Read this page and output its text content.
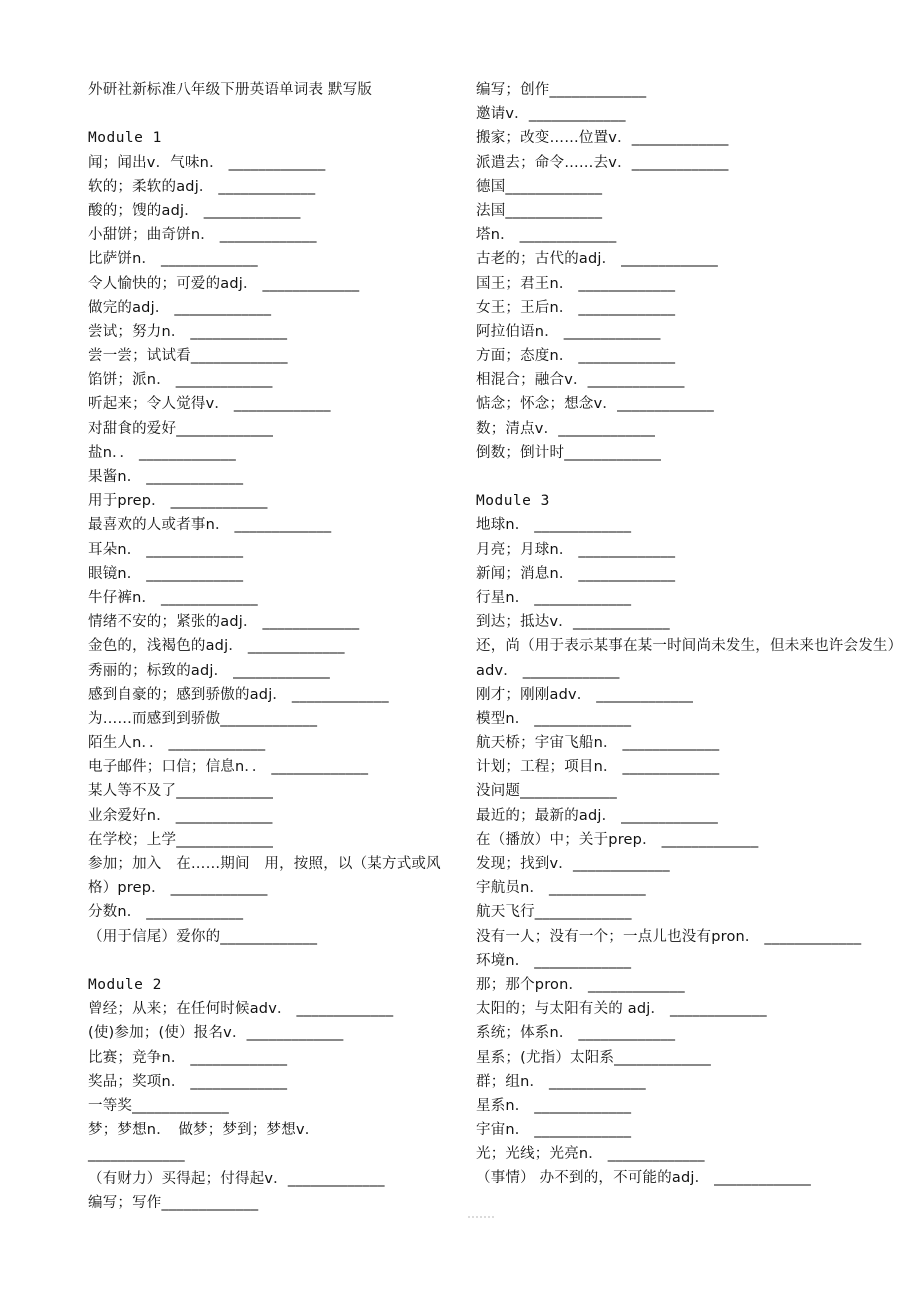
外研社新标准八年级下册英语单词表 默写版
Module 1
闻；闻出v．气味n． _____________
软的；柔软的adj． _____________
酸的；馊的adj． _____________
小甜饼；曲奇饼n． _____________
比萨饼n． _____________
令人愉快的；可爱的adj． _____________
做完的adj． _____________
尝试；努力n． _____________
尝一尝；试试看_____________
馅饼；派n． _____________
听起来；令人觉得v． _____________
对甜食的爱好_____________
盐n．． _____________
果酱n． _____________
用于prep． _____________
最喜欢的人或者事n． _____________
耳朵n． _____________
眼镜n． _____________
牛仔裤n． _____________
情绪不安的；紧张的adj． _____________
金色的，浅褐色的adj． _____________
秀丽的；标致的adj． _____________
感到自豪的；感到骄傲的adj． _____________
为……而感到到骄傲_____________
陌生人n．． _____________
电子邮件；口信；信息n．． _____________
某人等不及了_____________
业余爱好n． _____________
在学校；上学_____________
参加；加入　在……期间　用，按照，以（某方式或风格）prep． _____________
分数n． _____________
（用于信尾）爱你的_____________
Module 2
曾经；从来；在任何时候adv． _____________
(使)参加；(使）报名v．_____________
比赛；竞争n． _____________
奖品；奖项n． _____________
一等奖_____________
梦；梦想n．　做梦；梦到；梦想v．_____________
（有财力）买得起；付得起v．_____________
编写；写作_____________
编写；创作_____________
邀请v．_____________
搬家；改变……位置v．_____________
派遣去；命令……去v．_____________
德国_____________
法国_____________
塔n． _____________
古老的；古代的adj． _____________
国王；君王n． _____________
女王；王后n． _____________
阿拉伯语n． _____________
方面；态度n． _____________
相混合；融合v．_____________
惦念；怀念；想念v．_____________
数；清点v．_____________
倒数；倒计时_____________
Module 3
地球n． _____________
月亮；月球n． _____________
新闻；消息n． _____________
行星n． _____________
到达；抵达v．_____________
还，尚（用于表示某事在某一时间尚未发生，但未来也许会发生）adv． _____________
刚才；刚刚adv． _____________
模型n． _____________
航天桥；宇宙飞船n． _____________
计划；工程；项目n． _____________
没问题_____________
最近的；最新的adj． _____________
在（播放）中；关于prep． _____________
发现；找到v．_____________
宇航员n． _____________
航天飞行_____________
没有一人；没有一个；一点儿也没有pron． _____________
环境n． _____________
那；那个pron． _____________
太阳的；与太阳有关的 adj． _____________
系统；体系n． _____________
星系；(尤指）太阳系_____________
群；组n． _____________
星系n． _____________
宇宙n． _____________
光；光线；光亮n． _____________
（事情） 办不到的，不可能的adj． _____________
